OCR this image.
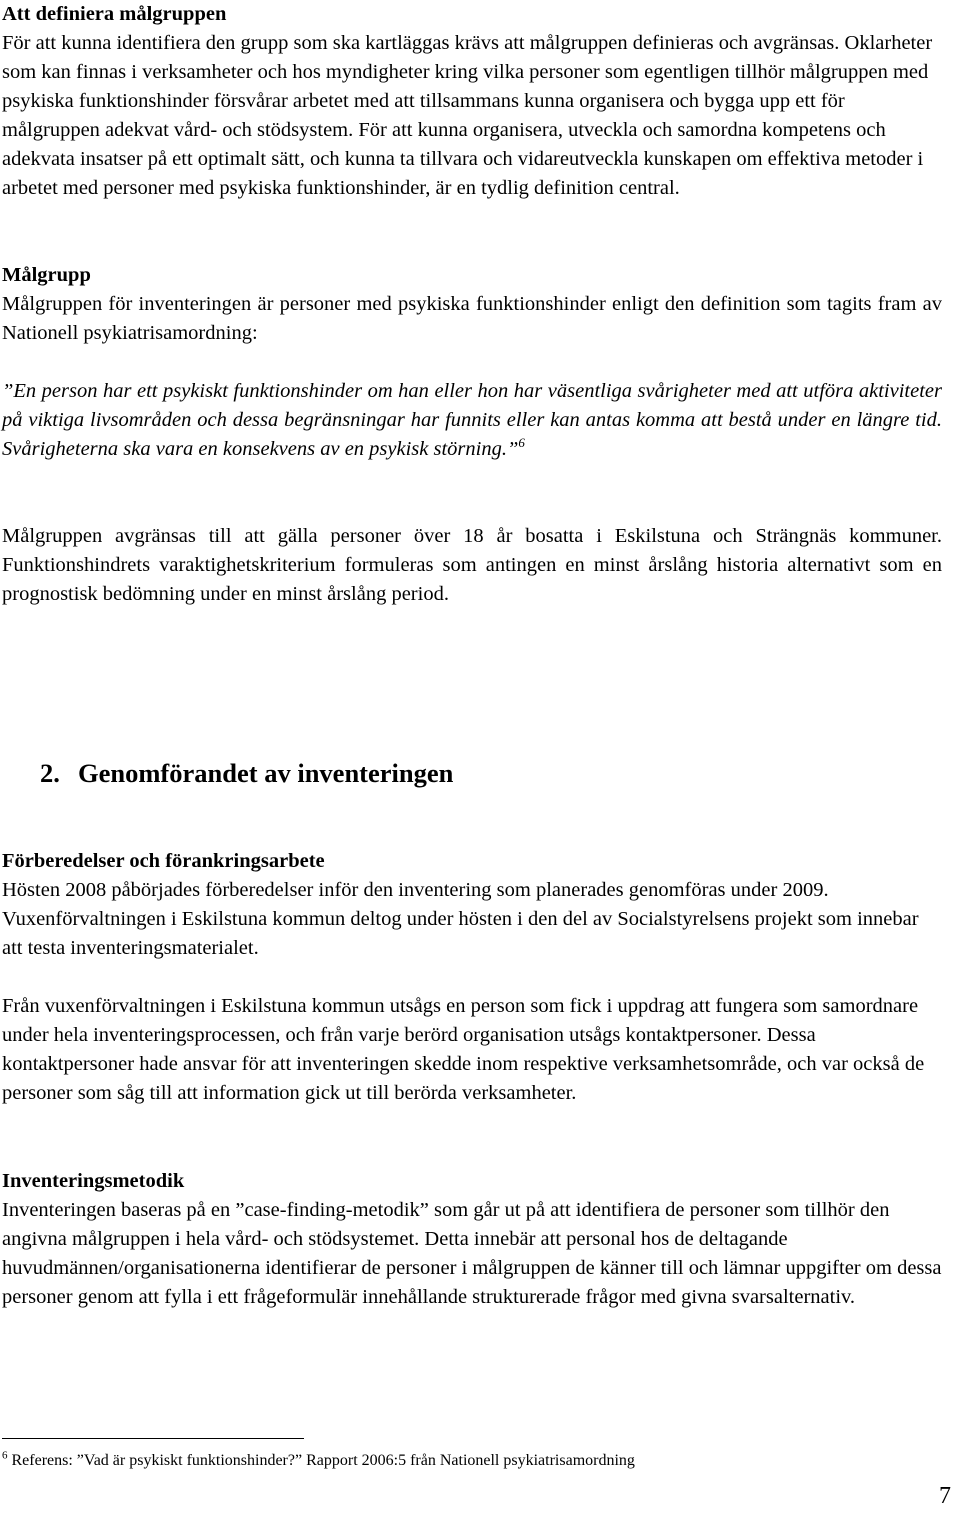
Att definiera målgruppen

För att kunna identifiera den grupp som ska kartläggas krävs att målgruppen definieras och avgränsas. Oklarheter som kan finnas i verksamheter och hos myndigheter kring vilka personer som egentligen tillhör målgruppen med psykiska funktionshinder försvårar arbetet med att tillsammans kunna organisera och bygga upp ett för målgruppen adekvat vård- och stödsystem. För att kunna organisera, utveckla och samordna kompetens och adekvata insatser på ett optimalt sätt, och kunna ta tillvara och vidareutveckla kunskapen om effektiva metoder i arbetet med personer med psykiska funktionshinder, är en tydlig definition central.

Målgrupp

Målgruppen för inventeringen är personer med psykiska funktionshinder enligt den definition som tagits fram av Nationell psykiatrisamordning:

”En person har ett psykiskt funktionshinder om han eller hon har väsentliga svårigheter med att utföra aktiviteter på viktiga livsområden och dessa begränsningar har funnits eller kan antas komma att bestå under en längre tid. Svårigheterna ska vara en konsekvens av en psykisk störning.”$^6$

Målgruppen avgränsas till att gälla personer över 18 år bosatta i Eskilstuna och Strängnäs kommuner. Funktionshindrets varaktighetskriterium formuleras som antingen en minst årslång historia alternativt som en prognostisk bedömning under en minst årslång period.

2. Genomförandet av inventeringen
Förberedelser och förankringsarbete

Hösten 2008 påbörjades förberedelser inför den inventering som planerades genomföras under 2009. Vuxenförvaltningen i Eskilstuna kommun deltog under hösten i den del av Socialstyrelsens projekt som innebar att testa inventeringsmaterialet.

Från vuxenförvaltningen i Eskilstuna kommun utsågs en person som fick i uppdrag att fungera som samordnare under hela inventeringsprocessen, och från varje berörd organisation utsågs kontaktpersoner. Dessa kontaktpersoner hade ansvar för att inventeringen skedde inom respektive verksamhetsområde, och var också de personer som såg till att information gick ut till berörda verksamheter.

Inventeringsmetodik

Inventeringen baseras på en ”case-finding-metodik” som går ut på att identifiera de personer som tillhör den angivna målgruppen i hela vård- och stödsystemet. Detta innebär att personal hos de deltagande huvudmännen/organisationerna identifierar de personer i målgruppen de känner till och lämnar uppgifter om dessa personer genom att fylla i ett frågeformulär innehållande strukturerade frågor med givna svarsalternativ.

$^6$ Referens: ”Vad är psykiskt funktionshinder?” Rapport 2006:5 från Nationell psykiatrisamordning
7
